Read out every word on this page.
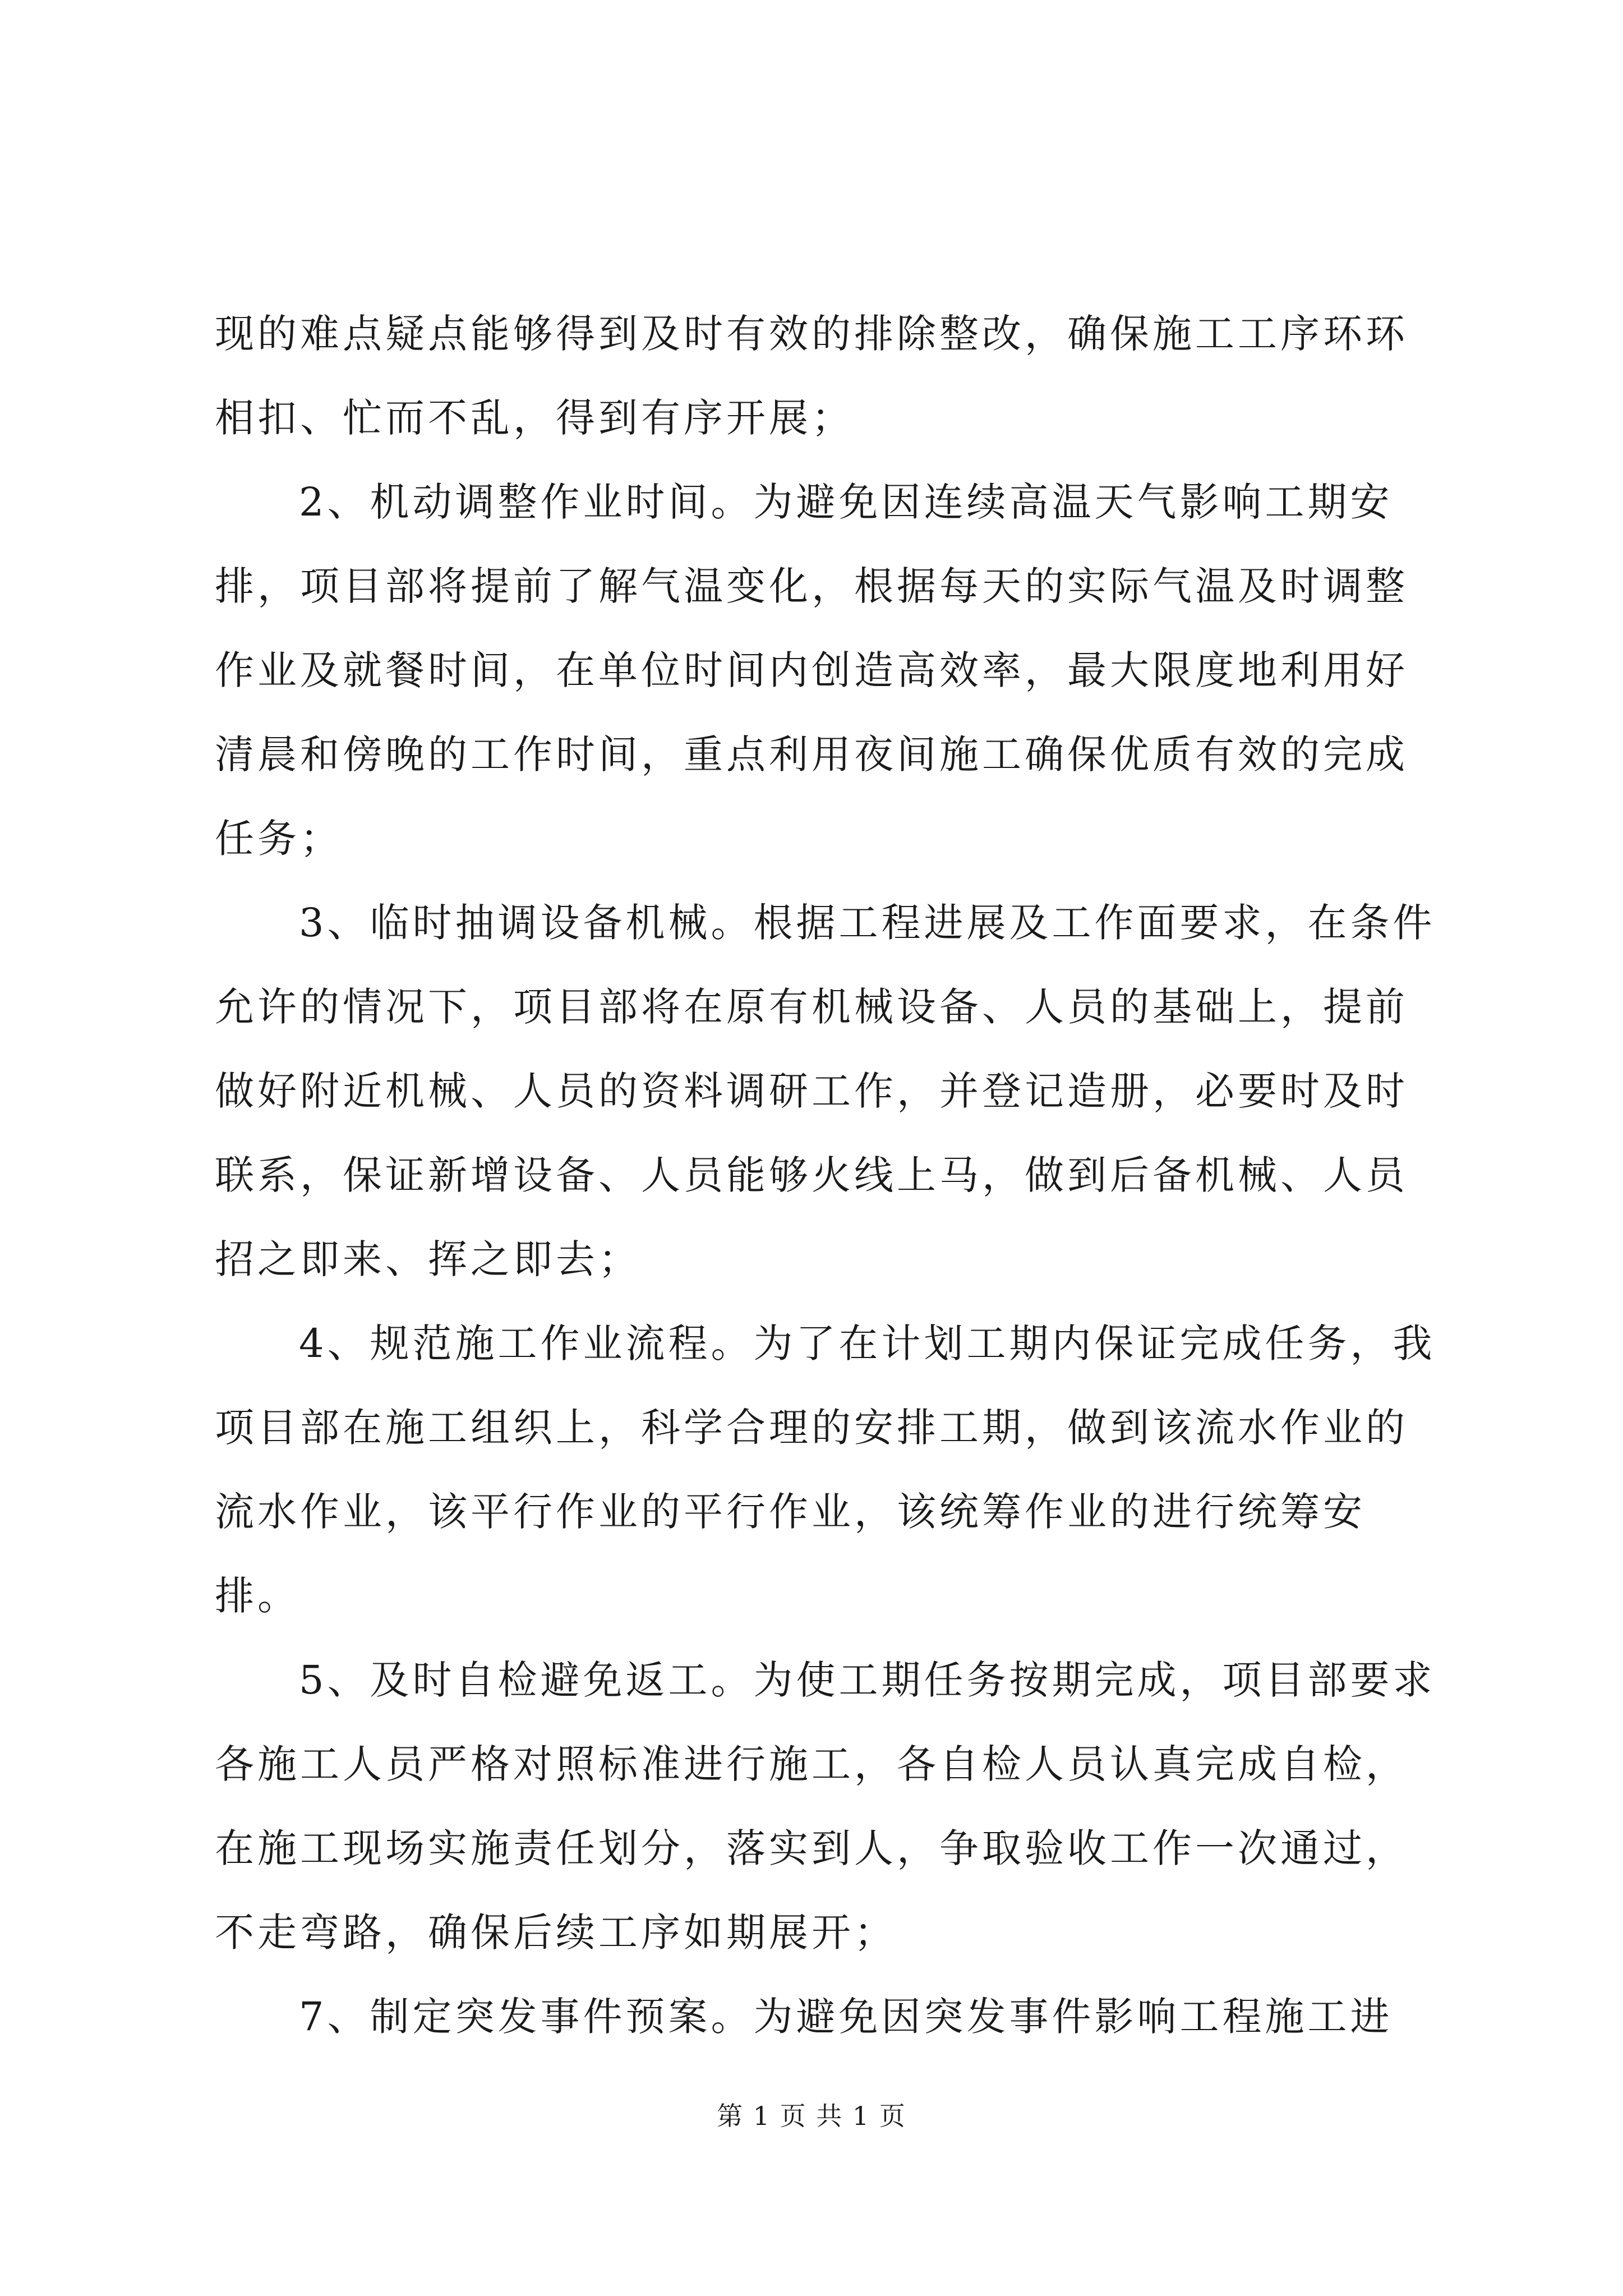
现的难点疑点能够得到及时有效的排除整改，确保施工工序环环相扣、忙而不乱，得到有序开展；

2、机动调整作业时间。为避免因连续高温天气影响工期安排，项目部将提前了解气温变化，根据每天的实际气温及时调整作业及就餐时间，在单位时间内创造高效率，最大限度地利用好清晨和傍晚的工作时间，重点利用夜间施工确保优质有效的完成任务；

3、临时抽调设备机械。根据工程进展及工作面要求，在条件允许的情况下，项目部将在原有机械设备、人员的基础上，提前做好附近机械、人员的资料调研工作，并登记造册，必要时及时联系，保证新增设备、人员能够火线上马，做到后备机械、人员招之即来、挥之即去；

4、规范施工作业流程。为了在计划工期内保证完成任务，我项目部在施工组织上，科学合理的安排工期，做到该流水作业的流水作业，该平行作业的平行作业，该统筹作业的进行统筹安排。

5、及时自检避免返工。为使工期任务按期完成，项目部要求各施工人员严格对照标准进行施工，各自检人员认真完成自检，在施工现场实施责任划分，落实到人，争取验收工作一次通过，不走弯路，确保后续工序如期展开；

7、制定突发事件预案。为避免因突发事件影响工程施工进

第 1 页 共 1 页
